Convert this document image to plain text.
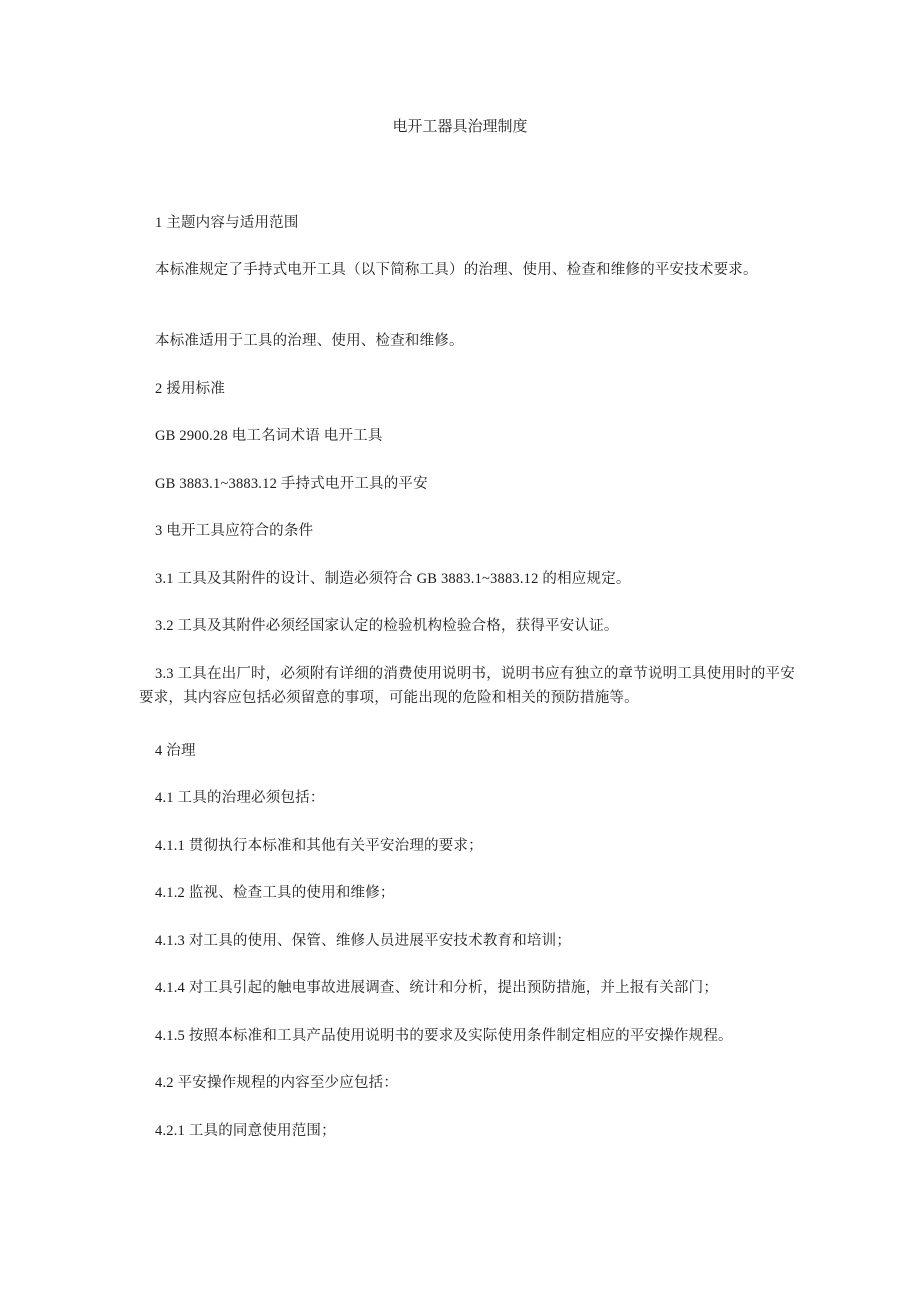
电开工器具治理制度
1 主题内容与适用范围
本标准规定了手持式电开工具（以下简称工具）的治理、使用、检查和维修的平安技术要求。
本标准适用于工具的治理、使用、检查和维修。
2 援用标准
GB 2900.28 电工名词术语 电开工具
GB 3883.1~3883.12 手持式电开工具的平安
3 电开工具应符合的条件
3.1 工具及其附件的设计、制造必须符合 GB 3883.1~3883.12 的相应规定。
3.2 工具及其附件必须经国家认定的检验机构检验合格，获得平安认证。
3.3 工具在出厂时，必须附有详细的消费使用说明书，说明书应有独立的章节说明工具使用时的平安要求，其内容应包括必须留意的事项，可能出现的危险和相关的预防措施等。
4 治理
4.1 工具的治理必须包括：
4.1.1 贯彻执行本标准和其他有关平安治理的要求；
4.1.2 监视、检查工具的使用和维修；
4.1.3 对工具的使用、保管、维修人员进展平安技术教育和培训；
4.1.4 对工具引起的触电事故进展调查、统计和分析，提出预防措施，并上报有关部门；
4.1.5 按照本标准和工具产品使用说明书的要求及实际使用条件制定相应的平安操作规程。
4.2 平安操作规程的内容至少应包括：
4.2.1 工具的同意使用范围；
